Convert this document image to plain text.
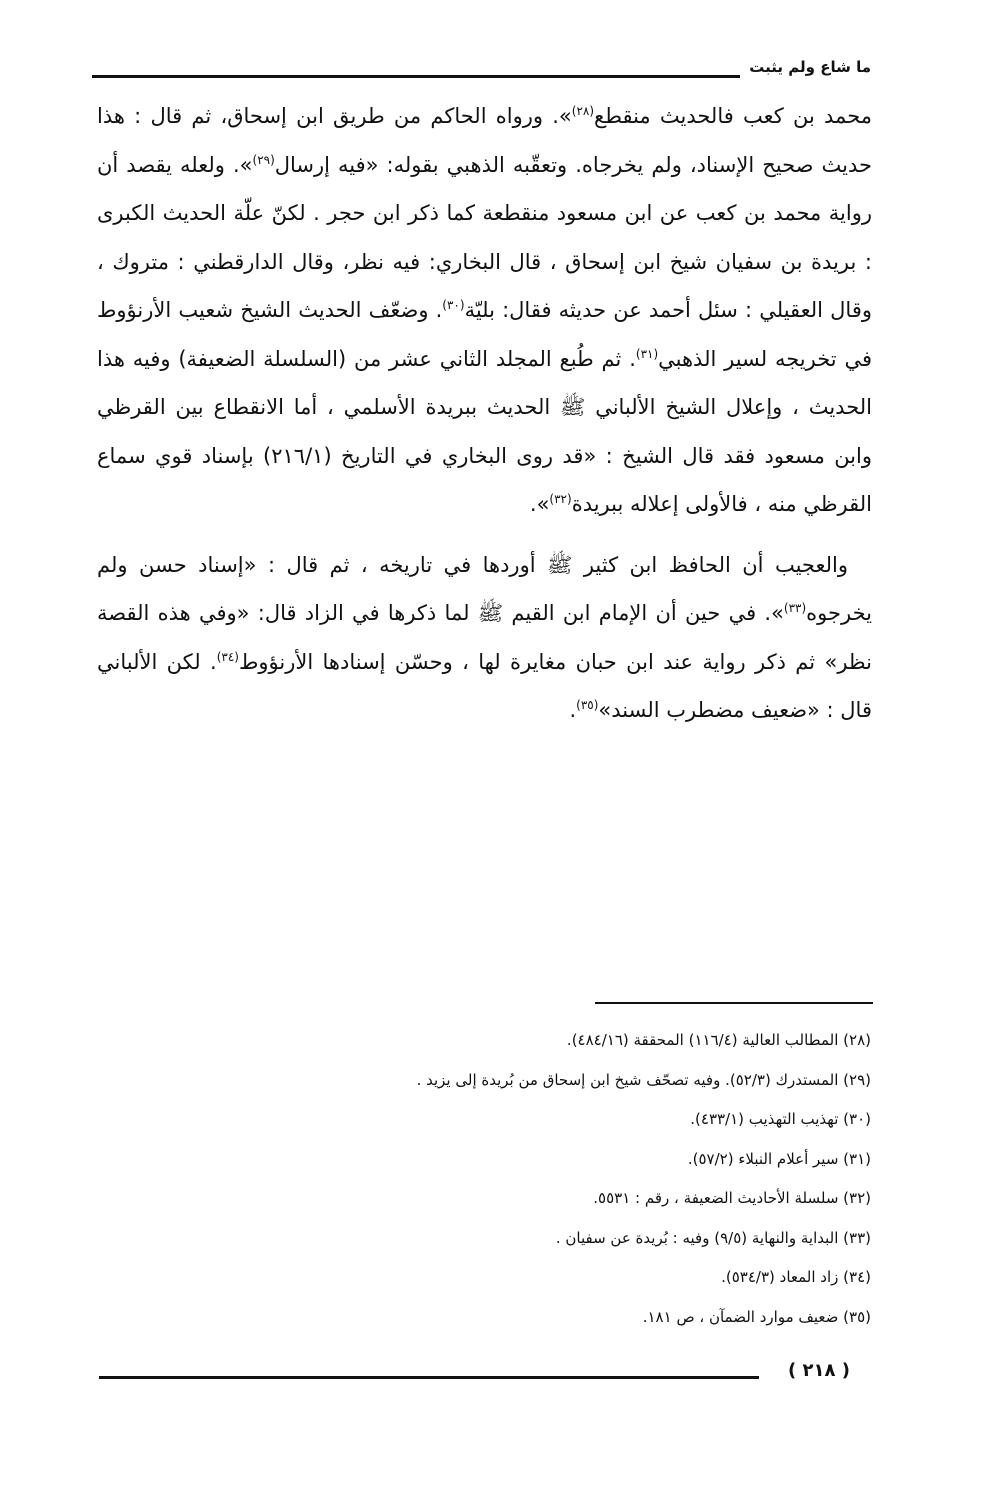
ما شاع ولم يثبت

محمد بن كعب فالحديث منقطع$^{(٢٨)}$». ورواه الحاكم من طريق ابن إسحاق، ثم قال : هذا حديث صحيح الإسناد، ولم يخرجاه. وتعقّبه الذهبي بقوله: «فيه إرسال$^{(٢٩)}$». ولعله يقصد أن رواية محمد بن كعب عن ابن مسعود منقطعة كما ذكر ابن حجر . لكنّ علّة الحديث الكبرى : بريدة بن سفيان شيخ ابن إسحاق ، قال البخاري: فيه نظر، وقال الدارقطني : متروك ، وقال العقيلي : سئل أحمد عن حديثه فقال: بليّة$^{(٣٠)}$. وضعّف الحديث الشيخ شعيب الأرنؤوط في تخريجه لسير الذهبي$^{(٣١)}$. ثم طُبع المجلد الثاني عشر من (السلسلة الضعيفة) وفيه هذا الحديث ، وإعلال الشيخ الألباني ﷺ الحديث ببريدة الأسلمي ، أما الانقطاع بين القرظي وابن مسعود فقد قال الشيخ : «قد روى البخاري في التاريخ (٢١٦/١) بإسناد قوي سماع القرظي منه ، فالأولى إعلاله ببريدة$^{(٣٢)}$».

والعجيب أن الحافظ ابن كثير ﷺ أوردها في تاريخه ، ثم قال : «إسناد حسن ولم يخرجوه$^{(٣٣)}$». في حين أن الإمام ابن القيم ﷺ لما ذكرها في الزاد قال: «وفي هذه القصة نظر» ثم ذكر رواية عند ابن حبان مغايرة لها ، وحسّن إسنادها الأرنؤوط$^{(٣٤)}$. لكن الألباني قال : «ضعيف مضطرب السند»$^{(٣٥)}$.

(٢٨) المطالب العالية (١١٦/٤) المحققة (٤٨٤/١٦).
(٢٩) المستدرك (٥٢/٣). وفيه تصحّف شيخ ابن إسحاق من بُريدة إلى يزيد .
(٣٠) تهذيب التهذيب (٤٣٣/١).
(٣١) سير أعلام النبلاء (٥٧/٢).
(٣٢) سلسلة الأحاديث الضعيفة ، رقم : ٥٥٣١.
(٣٣) البداية والنهاية (٩/٥) وفيه : بُريدة عن سفيان .
(٣٤) زاد المعاد (٥٣٤/٣).
(٣٥) ضعيف موارد الضمآن ، ص ١٨١.
( ٢١٨ )
